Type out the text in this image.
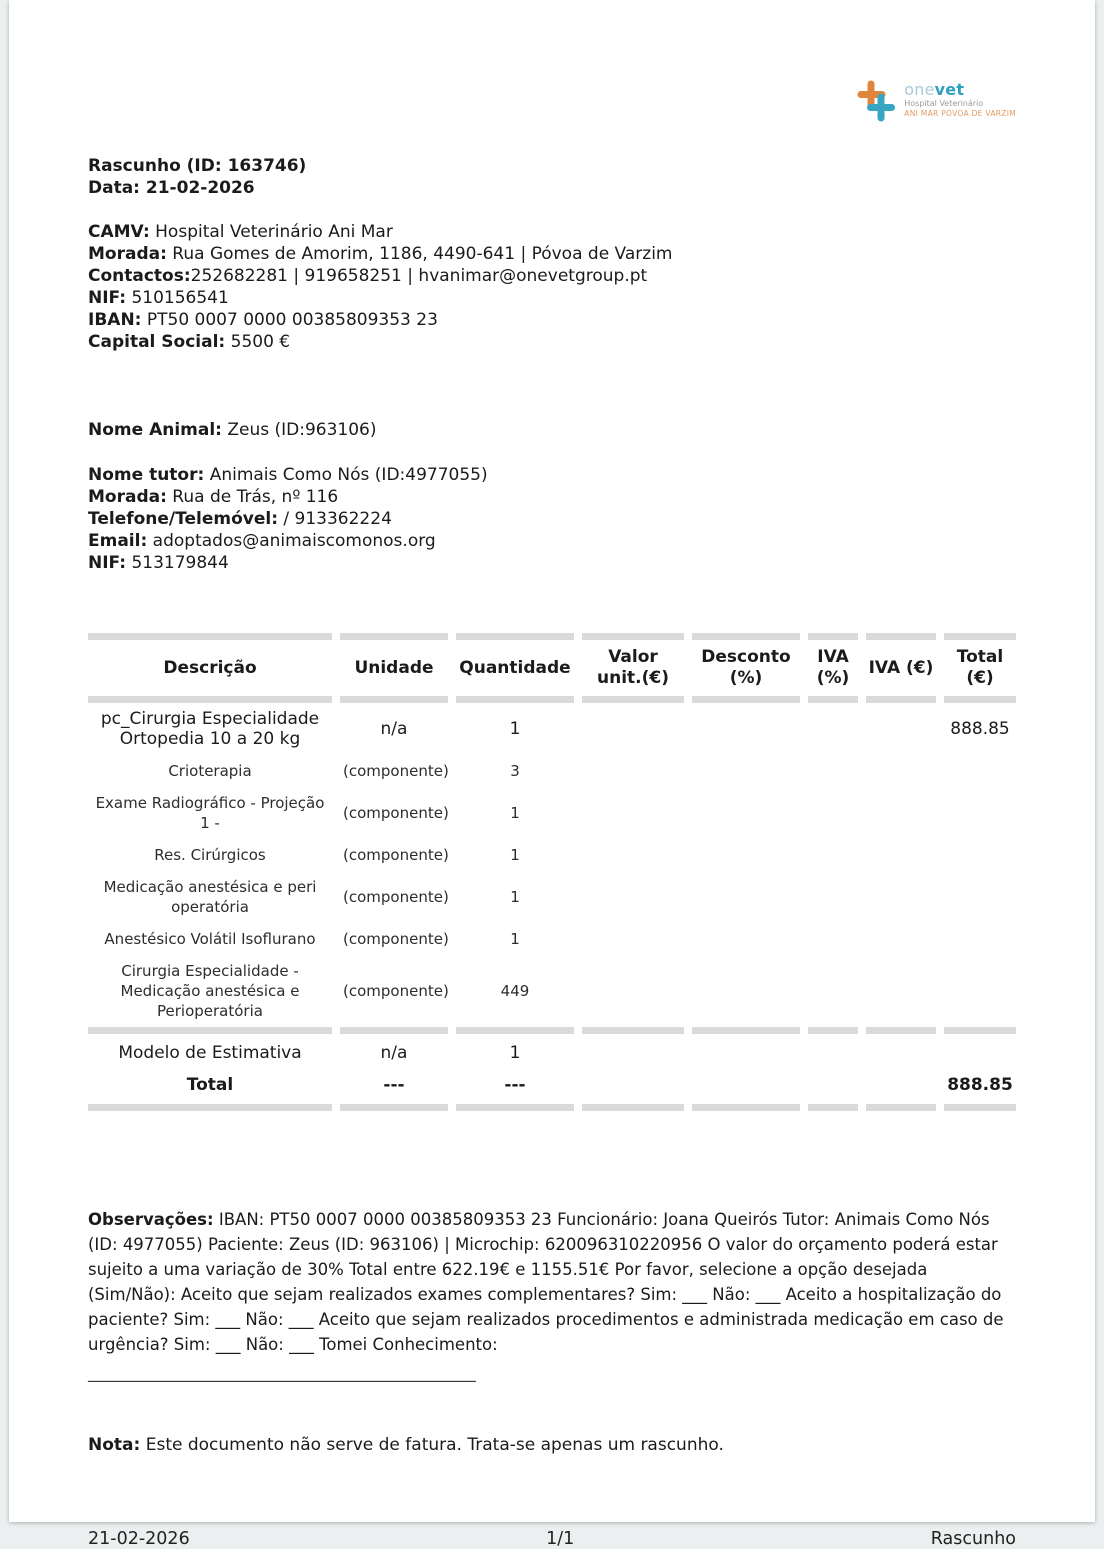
onevet
Hospital Veterinário
ANI MAR PÓVOA DE VARZIM
Rascunho (ID: 163746)
Data: 21-02-2026
CAMV: Hospital Veterinário Ani Mar
Morada: Rua Gomes de Amorim, 1186, 4490-641 | Póvoa de Varzim
Contactos:252682281 | 919658251 | hvanimar@onevetgroup.pt
NIF: 510156541
IBAN: PT50 0007 0000 00385809353 23
Capital Social: 5500 €
Nome Animal: Zeus (ID:963106)
Nome tutor: Animais Como Nós (ID:4977055)
Morada: Rua de Trás, nº 116
Telefone/Telemóvel: / 913362224
Email: adoptados@animaiscomonos.org
NIF: 513179844
Descrição	Unidade	Quantidade	Valor unit.(€)	Desconto (%)	IVA (%)	IVA (€)	Total (€)
pc_Cirurgia Especialidade Ortopedia 10 a 20 kg	n/a	1					888.85
Crioterapia	(componente)	3					
Exame Radiográfico - Projeção 1 -	(componente)	1					
Res. Cirúrgicos	(componente)	1					
Medicação anestésica e peri operatória	(componente)	1					
Anestésico Volátil Isoflurano	(componente)	1					
Cirurgia Especialidade - Medicação anestésica e Perioperatória	(componente)	449					
Modelo de Estimativa	n/a	1					
Total	---	---					888.85

Observações: IBAN: PT50 0007 0000 00385809353 23 Funcionário: Joana Queirós Tutor: Animais Como Nós (ID: 4977055) Paciente: Zeus (ID: 963106) | Microchip: 620096310220956 O valor do orçamento poderá estar sujeito a uma variação de 30% Total entre 622.19€ e 1155.51€ Por favor, selecione a opção desejada (Sim/Não): Aceito que sejam realizados exames complementares? Sim: ___ Não: ___ Aceito a hospitalização do paciente? Sim: ___ Não: ___ Aceito que sejam realizados procedimentos e administrada medicação em caso de urgência? Sim: ___ Não: ___ Tomei Conhecimento:

_______________________________________________

Nota: Este documento não serve de fatura. Trata-se apenas um rascunho.

21-02-2026	1/1	Rascunho
